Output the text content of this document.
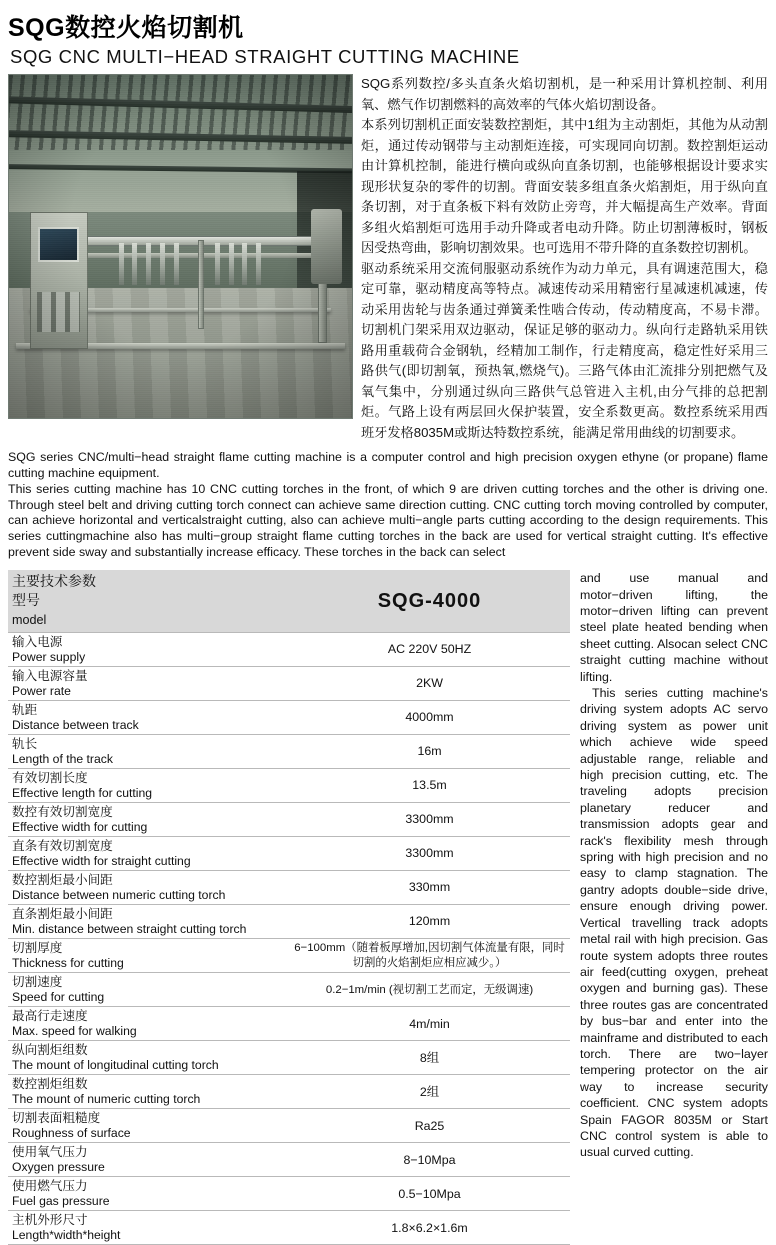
SQG数控火焰切割机
SQG CNC MULTI−HEAD STRAIGHT CUTTING MACHINE

SQG系列数控/多头直条火焰切割机，是一种采用计算机控制、利用氧、燃气作切割燃料的高效率的气体火焰切割设备。

本系列切割机正面安装数控割炬，其中1组为主动割炬，其他为从动割炬，通过传动钢带与主动割炬连接，可实现同向切割。数控割炬运动由计算机控制，能进行横向或纵向直条切割，也能够根据设计要求实现形状复杂的零件的切割。背面安装多组直条火焰割炬，用于纵向直条切割，对于直条板下料有效防止旁弯，并大幅提高生产效率。背面多组火焰割炬可选用手动升降或者电动升降。防止切割薄板时，钢板因受热弯曲，影响切割效果。也可选用不带升降的直条数控切割机。

驱动系统采用交流伺服驱动系统作为动力单元，具有调速范围大，稳定可靠，驱动精度高等特点。减速传动采用精密行星减速机减速，传动采用齿轮与齿条通过弹簧柔性啮合传动，传动精度高，不易卡滞。切割机门架采用双边驱动，保证足够的驱动力。纵向行走路轨采用铁路用重载荷合金钢轨，经精加工制作，行走精度高，稳定性好采用三路供气(即切割氧，预热氧,燃烧气)。三路气体由汇流排分别把燃气及氧气集中，分别通过纵向三路供气总管进入主机,由分气排的总把割炬。气路上设有两层回火保护装置，安全系数更高。数控系统采用西班牙发格8035M或斯达特数控系统，能满足常用曲线的切割要求。

SQG series CNC/multi−head straight flame cutting machine is a computer control and high precision oxygen ethyne (or propane) flame cutting machine equipment.

This series cutting machine has 10 CNC cutting torches in the front, of which 9 are driven cutting torches and the other is driving one. Through steel belt and driving cutting torch connect can achieve same direction cutting. CNC cutting torch moving controlled by computer, can achieve horizontal and verticalstraight cutting, also can achieve multi−angle parts cutting according to the design requirements. This series cuttingmachine also has multi−group straight flame cutting torches in the back are used for vertical straight cutting. It's effective prevent side sway and substantially increase efficacy. These torches in the back can select

主要技术参数
型号
model	SQG-4000

输入电源
Power supply	AC 220V 50HZ

输入电源容量
Power rate	2KW

轨距
Distance between track	4000mm

轨长
Length of the track	16m

有效切割长度
Effective length for cutting	13.5m

数控有效切割宽度
Effective width for cutting	3300mm

直条有效切割宽度
Effective width for straight cutting	3300mm

数控割炬最小间距
Distance between numeric cutting torch	330mm

直条割炬最小间距
Min. distance between straight cutting torch	120mm

切割厚度
Thickness for cutting	6−100mm（随着板厚增加,因切割气体流量有限，同时切割的火焰割炬应相应减少。）

切割速度
Speed for cutting	0.2−1m/min (视切割工艺而定，无级调速)

最高行走速度
Max. speed for walking	4m/min

纵向割炬组数
The mount of longitudinal cutting torch	8组

数控割炬组数
The mount of numeric cutting torch	2组

切割表面粗糙度
Roughness of surface	Ra25

使用氧气压力
Oxygen pressure	8−10Mpa

使用燃气压力
Fuel gas pressure	0.5−10Mpa

主机外形尺寸
Length*width*height	1.8×6.2×1.6m

and use manual and motor−driven lifting, the motor−driven lifting can prevent steel plate heated bending when sheet cutting. Alsocan select CNC straight cutting machine without lifting.

This series cutting machine's driving system adopts AC servo driving system as power unit which achieve wide speed adjustable range, reliable and high precision cutting, etc. The traveling adopts precision planetary reducer and transmission adopts gear and rack's flexibility mesh through spring with high precision and no easy to clamp stagnation. The gantry adopts double−side drive, ensure enough driving power. Vertical travelling track adopts metal rail with high precision. Gas route system adopts three routes air feed(cutting oxygen, preheat oxygen and burning gas). These three routes gas are concentrated by bus−bar and enter into the mainframe and distributed to each torch. There are two−layer tempering protector on the air way to increase security coefficient. CNC system adopts Spain FAGOR 8035M or Start CNC control system is able to usual curved cutting.
